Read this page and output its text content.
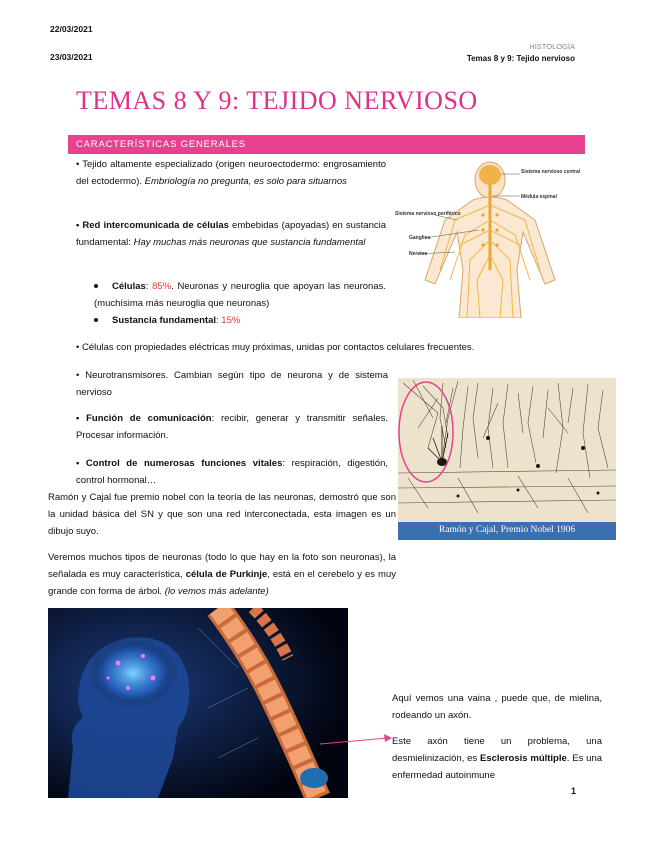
22/03/2021
23/03/2021
HISTOLOGÍA
Temas 8 y 9: Tejido nervioso
TEMAS 8 Y 9: TEJIDO NERVIOSO
CARACTERÍSTICAS GENERALES
• Tejido altamente especializado (origen neuroectodermo: engrosamiento del ectodermo). Embriología no pregunta, es solo para situarnos
• Red intercomunicada de células embebidas (apoyadas) en sustancia fundamental: Hay muchas más neuronas que sustancia fundamental
Células: 85%. Neuronas y neuroglia que apoyan las neuronas. (muchísima más neuroglia que neuronas)
Sustancia fundamental: 15%
Sistema nervioso central
Médula espinal
Sistema nervioso periférico
Ganglios
Nervios
• Células con propiedades eléctricas muy próximas, unidas por contactos celulares frecuentes.
• Neurotransmisores. Cambian según tipo de neurona y de sistema nervioso
• Función de comunicación: recibir, generar y transmitir señales. Procesar información.
• Control de numerosas funciones vitales: respiración, digestión, control hormonal…
Ramón y Cajal, Premio Nobel 1906
Ramón y Cajal fue premio nobel con la teoría de las neuronas, demostró que son la unidad básica del SN y que son una red interconectada, esta imagen es un dibujo suyo.
Veremos muchos tipos de neuronas (todo lo que hay en la foto son neuronas), la señalada es muy característica, célula de Purkinje, está en el cerebelo y es muy grande con forma de árbol. (lo vemos más adelante)
Aquí vemos una vaina , puede que, de mielina, rodeando un axón.
Este axón tiene un problema, una desmielinización, es Esclerosis múltiple. Es una enfermedad autoinmune
1
